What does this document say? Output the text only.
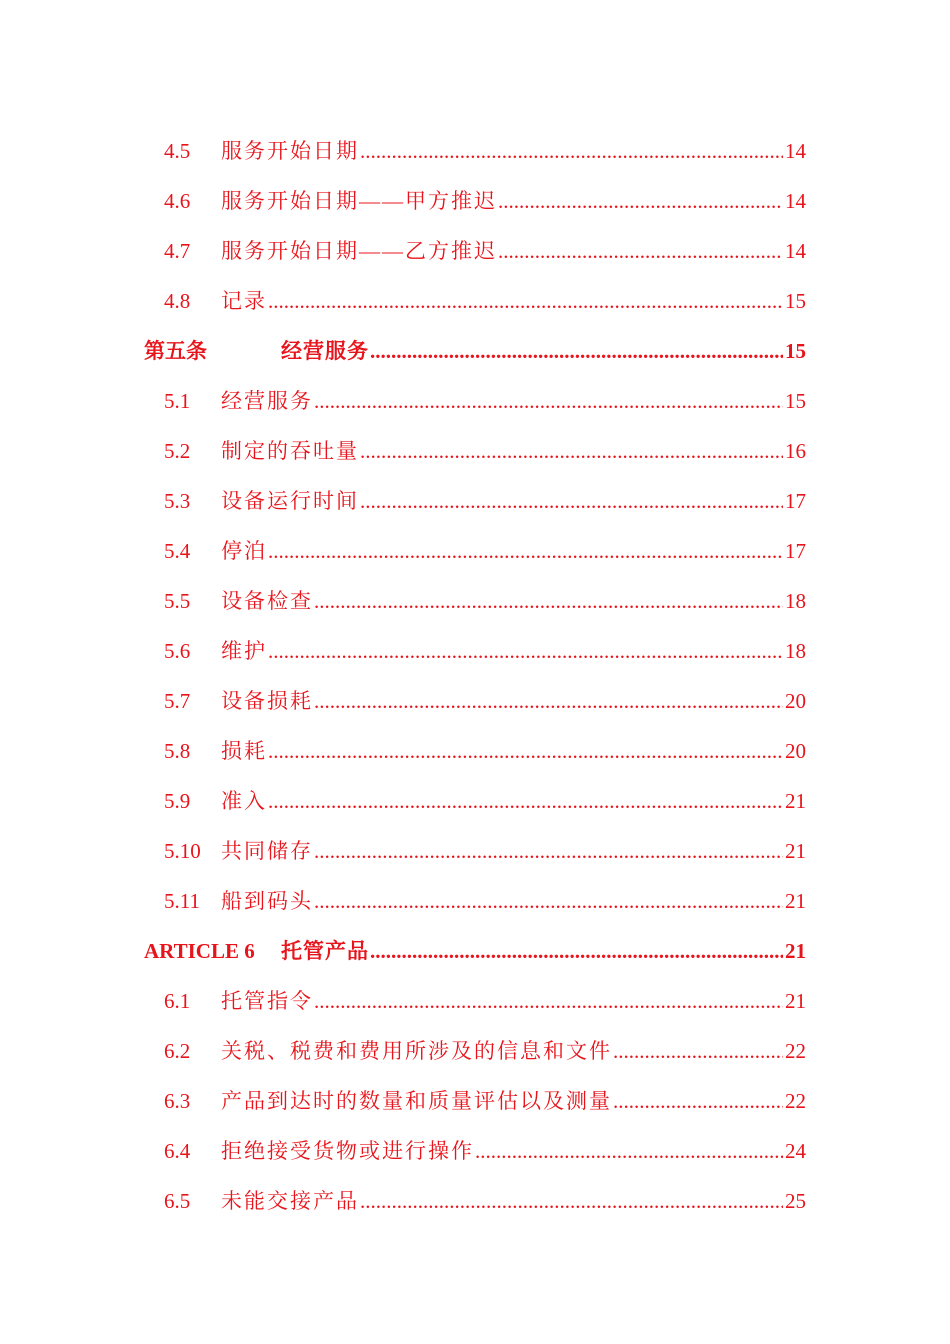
4.5 服务开始日期 .....	14
4.6 服务开始日期——甲方推迟 .....	14
4.7 服务开始日期——乙方推迟 .....	14
4.8 记录 .....	15
第五条	经营服务 .....	15
5.1 经营服务 .....	15
5.2 制定的吞吐量 .....	16
5.3 设备运行时间 .....	17
5.4 停泊 .....	17
5.5 设备检查 .....	18
5.6 维护 .....	18
5.7 设备损耗 .....	20
5.8 损耗 .....	20
5.9 准入 .....	21
5.10 共同储存 .....	21
5.11 船到码头 .....	21
ARTICLE 6 托管产品 .....	21
6.1 托管指令 .....	21
6.2 关税、税费和费用所涉及的信息和文件 .....	22
6.3 产品到达时的数量和质量评估以及测量 .....	22
6.4 拒绝接受货物或进行操作 .....	24
6.5 未能交接产品 .....	25
